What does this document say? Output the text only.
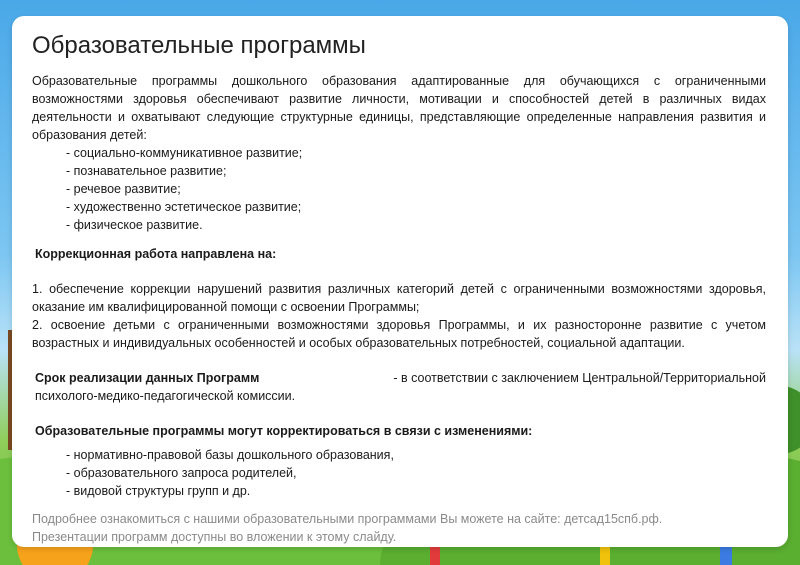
Образовательные программы

Образовательные программы дошкольного образования адаптированные для обучающихся с ограниченными возможностями здоровья обеспечивают развитие личности, мотивации и способностей детей в различных видах деятельности и охватывают следующие структурные единицы, представляющие определенные направления развития и образования детей:

- социально-коммуникативное развитие;
- познавательное развитие;
- речевое развитие;
- художественно эстетическое развитие;
- физическое развитие.

Коррекционная работа направлена на:

1. обеспечение коррекции нарушений развития различных категорий детей с ограниченными возможностями здоровья, оказание им квалифицированной помощи с освоении Программы;

2. освоение детьми с ограниченными возможностями здоровья Программы, и их разносторонне развитие с учетом возрастных и индивидуальных особенностей и особых образовательных потребностей, социальной адаптации.

Срок реализации данных Программ	- в соответствии с заключением Центральной/Территориальной

психолого-медико-педагогической комиссии.

Образовательные программы могут корректироваться в связи с изменениями:

- нормативно-правовой базы дошкольного образования,
- образовательного запроса родителей,
- видовой структуры групп и др.
Подробнее ознакомиться с нашими образовательными программами Вы можете на сайте: детсад15спб.рф.
Презентации программ доступны во вложении к этому слайду.
